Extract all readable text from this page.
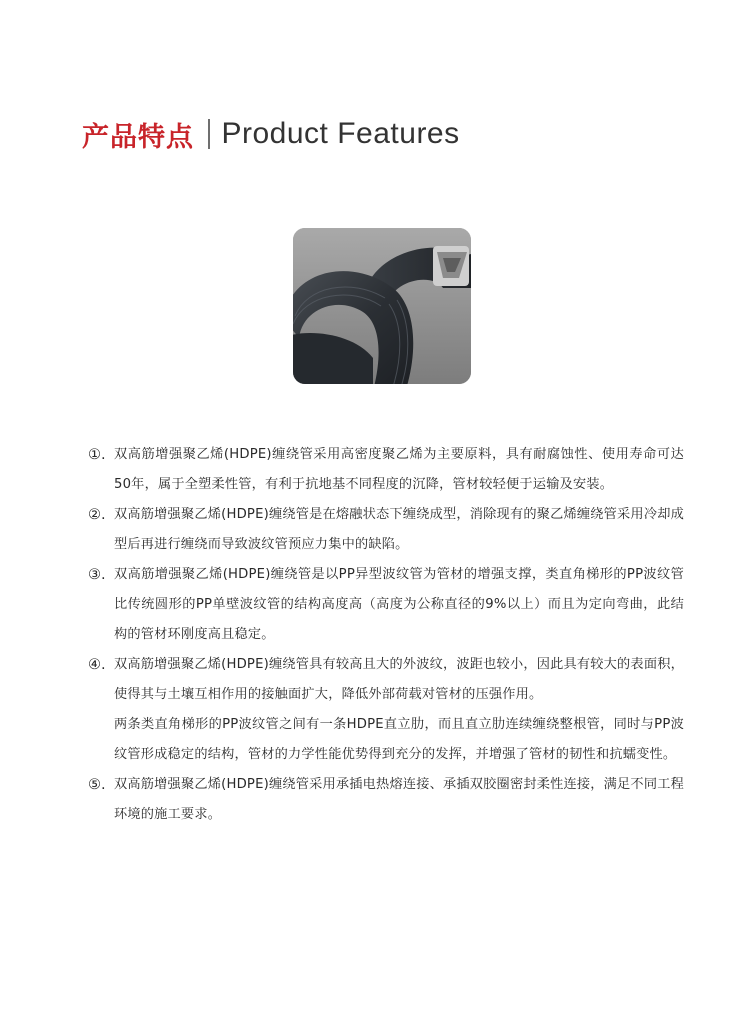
产品特点 Product Features
①. 双高筋增强聚乙烯(HDPE)缠绕管采用高密度聚乙烯为主要原料，具有耐腐蚀性、使用寿命可达50年，属于全塑柔性管，有利于抗地基不同程度的沉降，管材较轻便于运输及安装。

②. 双高筋增强聚乙烯(HDPE)缠绕管是在熔融状态下缠绕成型，消除现有的聚乙烯缠绕管采用冷却成型后再进行缠绕而导致波纹管预应力集中的缺陷。

③. 双高筋增强聚乙烯(HDPE)缠绕管是以PP异型波纹管为管材的增强支撑，类直角梯形的PP波纹管比传统圆形的PP单壁波纹管的结构高度高（高度为公称直径的9%以上）而且为定向弯曲，此结构的管材环刚度高且稳定。

④. 双高筋增强聚乙烯(HDPE)缠绕管具有较高且大的外波纹，波距也较小，因此具有较大的表面积，使得其与土壤互相作用的接触面扩大，降低外部荷载对管材的压强作用。

两条类直角梯形的PP波纹管之间有一条HDPE直立肋，而且直立肋连续缠绕整根管，同时与PP波纹管形成稳定的结构，管材的力学性能优势得到充分的发挥，并增强了管材的韧性和抗蠕变性。

⑤. 双高筋增强聚乙烯(HDPE)缠绕管采用承插电热熔连接、承插双胶圈密封柔性连接，满足不同工程环境的施工要求。
